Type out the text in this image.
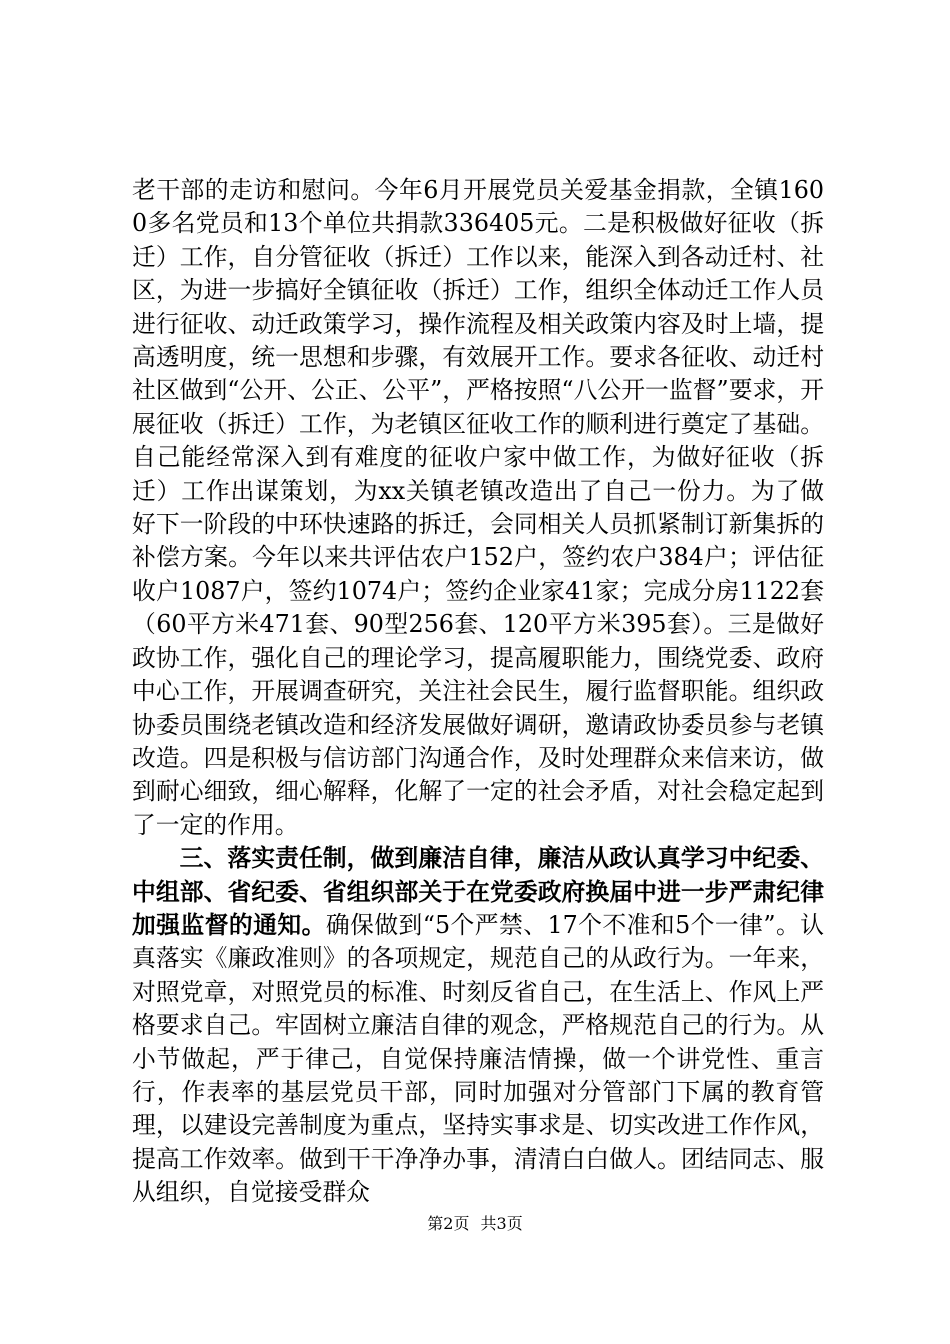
老干部的走访和慰问。今年6月开展党员关爱基金捐款，全镇1600多名党员和13个单位共捐款336405元。二是积极做好征收（拆迁）工作，自分管征收（拆迁）工作以来，能深入到各动迁村、社区，为进一步搞好全镇征收（拆迁）工作，组织全体动迁工作人员进行征收、动迁政策学习，操作流程及相关政策内容及时上墙，提高透明度，统一思想和步骤，有效展开工作。要求各征收、动迁村社区做到“公开、公正、公平”，严格按照“八公开一监督”要求，开展征收（拆迁）工作，为老镇区征收工作的顺利进行奠定了基础。自己能经常深入到有难度的征收户家中做工作，为做好征收（拆迁）工作出谋策划，为xx关镇老镇改造出了自己一份力。为了做好下一阶段的中环快速路的拆迁，会同相关人员抓紧制订新集拆的补偿方案。今年以来共评估农户152户，签约农户384户；评估征收户1087户，签约1074户；签约企业家41家；完成分房1122套（60平方米471套、90型256套、120平方米395套）。三是做好政协工作，强化自己的理论学习，提高履职能力，围绕党委、政府中心工作，开展调查研究，关注社会民生，履行监督职能。组织政协委员围绕老镇改造和经济发展做好调研，邀请政协委员参与老镇改造。四是积极与信访部门沟通合作，及时处理群众来信来访，做到耐心细致，细心解释，化解了一定的社会矛盾，对社会稳定起到了一定的作用。

三、落实责任制，做到廉洁自律，廉洁从政认真学习中纪委、中组部、省纪委、省组织部关于在党委政府换届中进一步严肃纪律加强监督的通知。确保做到“5个严禁、17个不准和5个一律”。认真落实《廉政准则》的各项规定，规范自己的从政行为。一年来，对照党章，对照党员的标准、时刻反省自己，在生活上、作风上严格要求自己。牢固树立廉洁自律的观念，严格规范自己的行为。从小节做起，严于律己，自觉保持廉洁情操，做一个讲党性、重言行，作表率的基层党员干部，同时加强对分管部门下属的教育管理，以建设完善制度为重点，坚持实事求是、切实改进工作作风，提高工作效率。做到干干净净办事，清清白白做人。团结同志、服从组织，自觉接受群众

第2页 共3页
